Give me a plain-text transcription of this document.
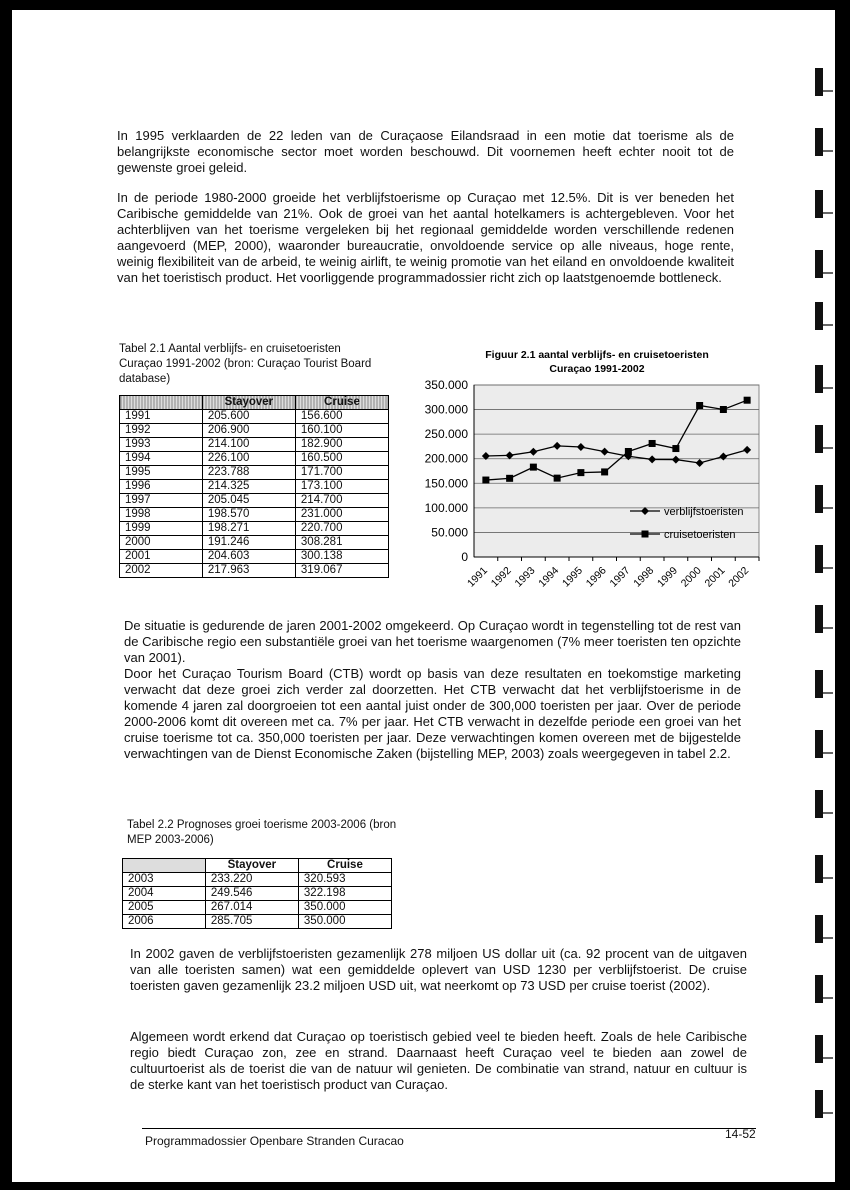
In 1995 verklaarden de 22 leden van de Curaçaose Eilandsraad in een motie dat toerisme als de belangrijkste economische sector moet worden beschouwd. Dit voornemen heeft echter nooit tot de gewenste groei geleid.

In de periode 1980-2000 groeide het verblijfstoerisme op Curaçao met 12.5%. Dit is ver beneden het Caribische gemiddelde van 21%. Ook de groei van het aantal hotelkamers is achtergebleven. Voor het achterblijven van het toerisme vergeleken bij het regionaal gemiddelde worden verschillende redenen aangevoerd (MEP, 2000), waaronder bureaucratie, onvoldoende service op alle niveaus, hoge rente, weinig flexibiliteit van de arbeid, te weinig airlift, te weinig promotie van het eiland en onvoldoende kwaliteit van het toeristisch product. Het voorliggende programmadossier richt zich op laatstgenoemde bottleneck.

Tabel 2.1 Aantal verblijfs- en cruisetoeristen Curaçao 1991-2002 (bron: Curaçao Tourist Board database)
	Stayover	Cruise
1991	205.600	156.600
1992	206.900	160.100
1993	214.100	182.900
1994	226.100	160.500
1995	223.788	171.700
1996	214.325	173.100
1997	205.045	214.700
1998	198.570	231.000
1999	198.271	220.700
2000	191.246	308.281
2001	204.603	300.138
2002	217.963	319.067
Figuur 2.1 aantal verblijfs- en cruisetoeristen
Curaçao 1991-2002
0
50.000
100.000
150.000
200.000
250.000
300.000
350.000
1991
1992
1993
1994
1995
1996
1997
1998
1999
2000
2001
2002
verblijfstoeristen
cruisetoeristen

De situatie is gedurende de jaren 2001-2002 omgekeerd. Op Curaçao wordt in tegenstelling tot de rest van de Caribische regio een substantiële groei van het toerisme waargenomen (7% meer toeristen ten opzichte van 2001).

Door het Curaçao Tourism Board (CTB) wordt op basis van deze resultaten en toekomstige marketing verwacht dat deze groei zich verder zal doorzetten. Het CTB verwacht dat het verblijfstoerisme in de komende 4 jaren zal doorgroeien tot een aantal juist onder de 300,000 toeristen per jaar. Over de periode 2000-2006 komt dit overeen met ca. 7% per jaar. Het CTB verwacht in dezelfde periode een groei van het cruise toerisme tot ca. 350,000 toeristen per jaar. Deze verwachtingen komen overeen met de bijgestelde verwachtingen van de Dienst Economische Zaken (bijstelling MEP, 2003) zoals weergegeven in tabel 2.2.

Tabel 2.2 Prognoses groei toerisme 2003-2006 (bron MEP 2003-2006)
	Stayover	Cruise
2003	233.220	320.593
2004	249.546	322.198
2005	267.014	350.000
2006	285.705	350.000

In 2002 gaven de verblijfstoeristen gezamenlijk 278 miljoen US dollar uit (ca. 92 procent van de uitgaven van alle toeristen samen) wat een gemiddelde oplevert van USD 1230 per verblijfstoerist. De cruise toeristen gaven gezamenlijk 23.2 miljoen USD uit, wat neerkomt op 73 USD per cruise toerist (2002).

Algemeen wordt erkend dat Curaçao op toeristisch gebied veel te bieden heeft. Zoals de hele Caribische regio biedt Curaçao zon, zee en strand. Daarnaast heeft Curaçao veel te bieden aan zowel de cultuurtoerist als de toerist die van de natuur wil genieten. De combinatie van strand, natuur en cultuur is de sterke kant van het toeristisch product van Curaçao.

Programmadossier Openbare Stranden Curacao	14-52
